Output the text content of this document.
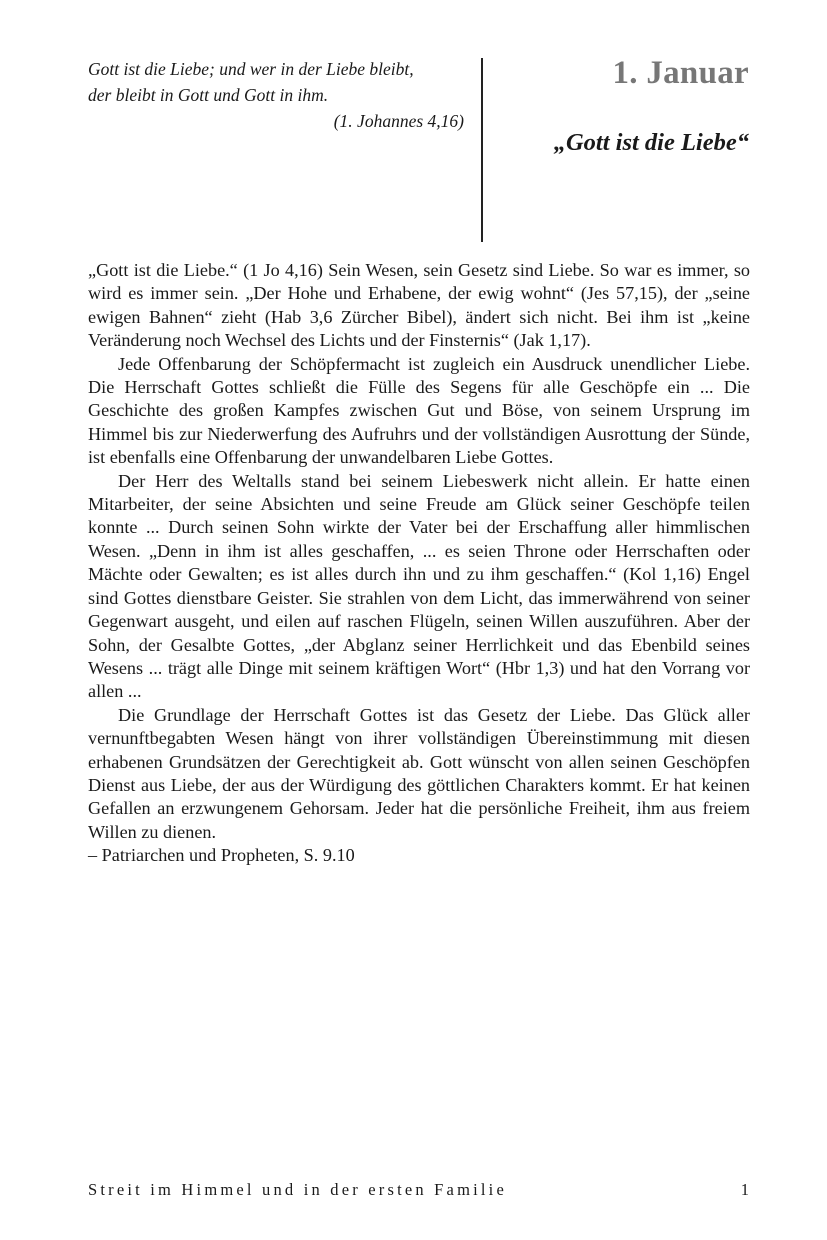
Gott ist die Liebe; und wer in der Liebe bleibt,
der bleibt in Gott und Gott in ihm.
(1. Johannes 4,16)
1. Januar
„Gott ist die Liebe“

„Gott ist die Liebe.“ (1 Jo 4,16) Sein Wesen, sein Gesetz sind Liebe. So war es immer, so wird es immer sein. „Der Hohe und Erhabene, der ewig wohnt“ (Jes 57,15), der „seine ewigen Bahnen“ zieht (Hab 3,6 Zürcher Bibel), ändert sich nicht. Bei ihm ist „keine Veränderung noch Wechsel des Lichts und der Finsternis“ (Jak 1,17).

Jede Offenbarung der Schöpfermacht ist zugleich ein Ausdruck unendlicher Liebe. Die Herrschaft Gottes schließt die Fülle des Segens für alle Geschöpfe ein ... Die Geschichte des großen Kampfes zwischen Gut und Böse, von seinem Ursprung im Himmel bis zur Niederwerfung des Aufruhrs und der vollständigen Ausrottung der Sünde, ist ebenfalls eine Offenbarung der unwandelbaren Liebe Gottes.

Der Herr des Weltalls stand bei seinem Liebeswerk nicht allein. Er hatte einen Mitarbeiter, der seine Absichten und seine Freude am Glück seiner Geschöpfe teilen konnte ... Durch seinen Sohn wirkte der Vater bei der Erschaffung aller himmlischen Wesen. „Denn in ihm ist alles geschaffen, ... es seien Throne oder Herrschaften oder Mächte oder Gewalten; es ist alles durch ihn und zu ihm geschaffen.“ (Kol 1,16) Engel sind Gottes dienstbare Geister. Sie strahlen von dem Licht, das immerwährend von seiner Gegenwart ausgeht, und eilen auf raschen Flügeln, seinen Willen auszuführen. Aber der Sohn, der Gesalbte Gottes, „der Abglanz seiner Herrlichkeit und das Ebenbild seines Wesens ... trägt alle Dinge mit seinem kräftigen Wort“ (Hbr 1,3) und hat den Vorrang vor allen ...

Die Grundlage der Herrschaft Gottes ist das Gesetz der Liebe. Das Glück aller vernunftbegabten Wesen hängt von ihrer vollständigen Übereinstimmung mit diesen erhabenen Grundsätzen der Gerechtigkeit ab. Gott wünscht von allen seinen Geschöpfen Dienst aus Liebe, der aus der Würdigung des göttlichen Charakters kommt. Er hat keinen Gefallen an erzwungenem Gehorsam. Jeder hat die persönliche Freiheit, ihm aus freiem Willen zu dienen.

– Patriarchen und Propheten, S. 9.10

Streit im Himmel und in der ersten Familie	1
